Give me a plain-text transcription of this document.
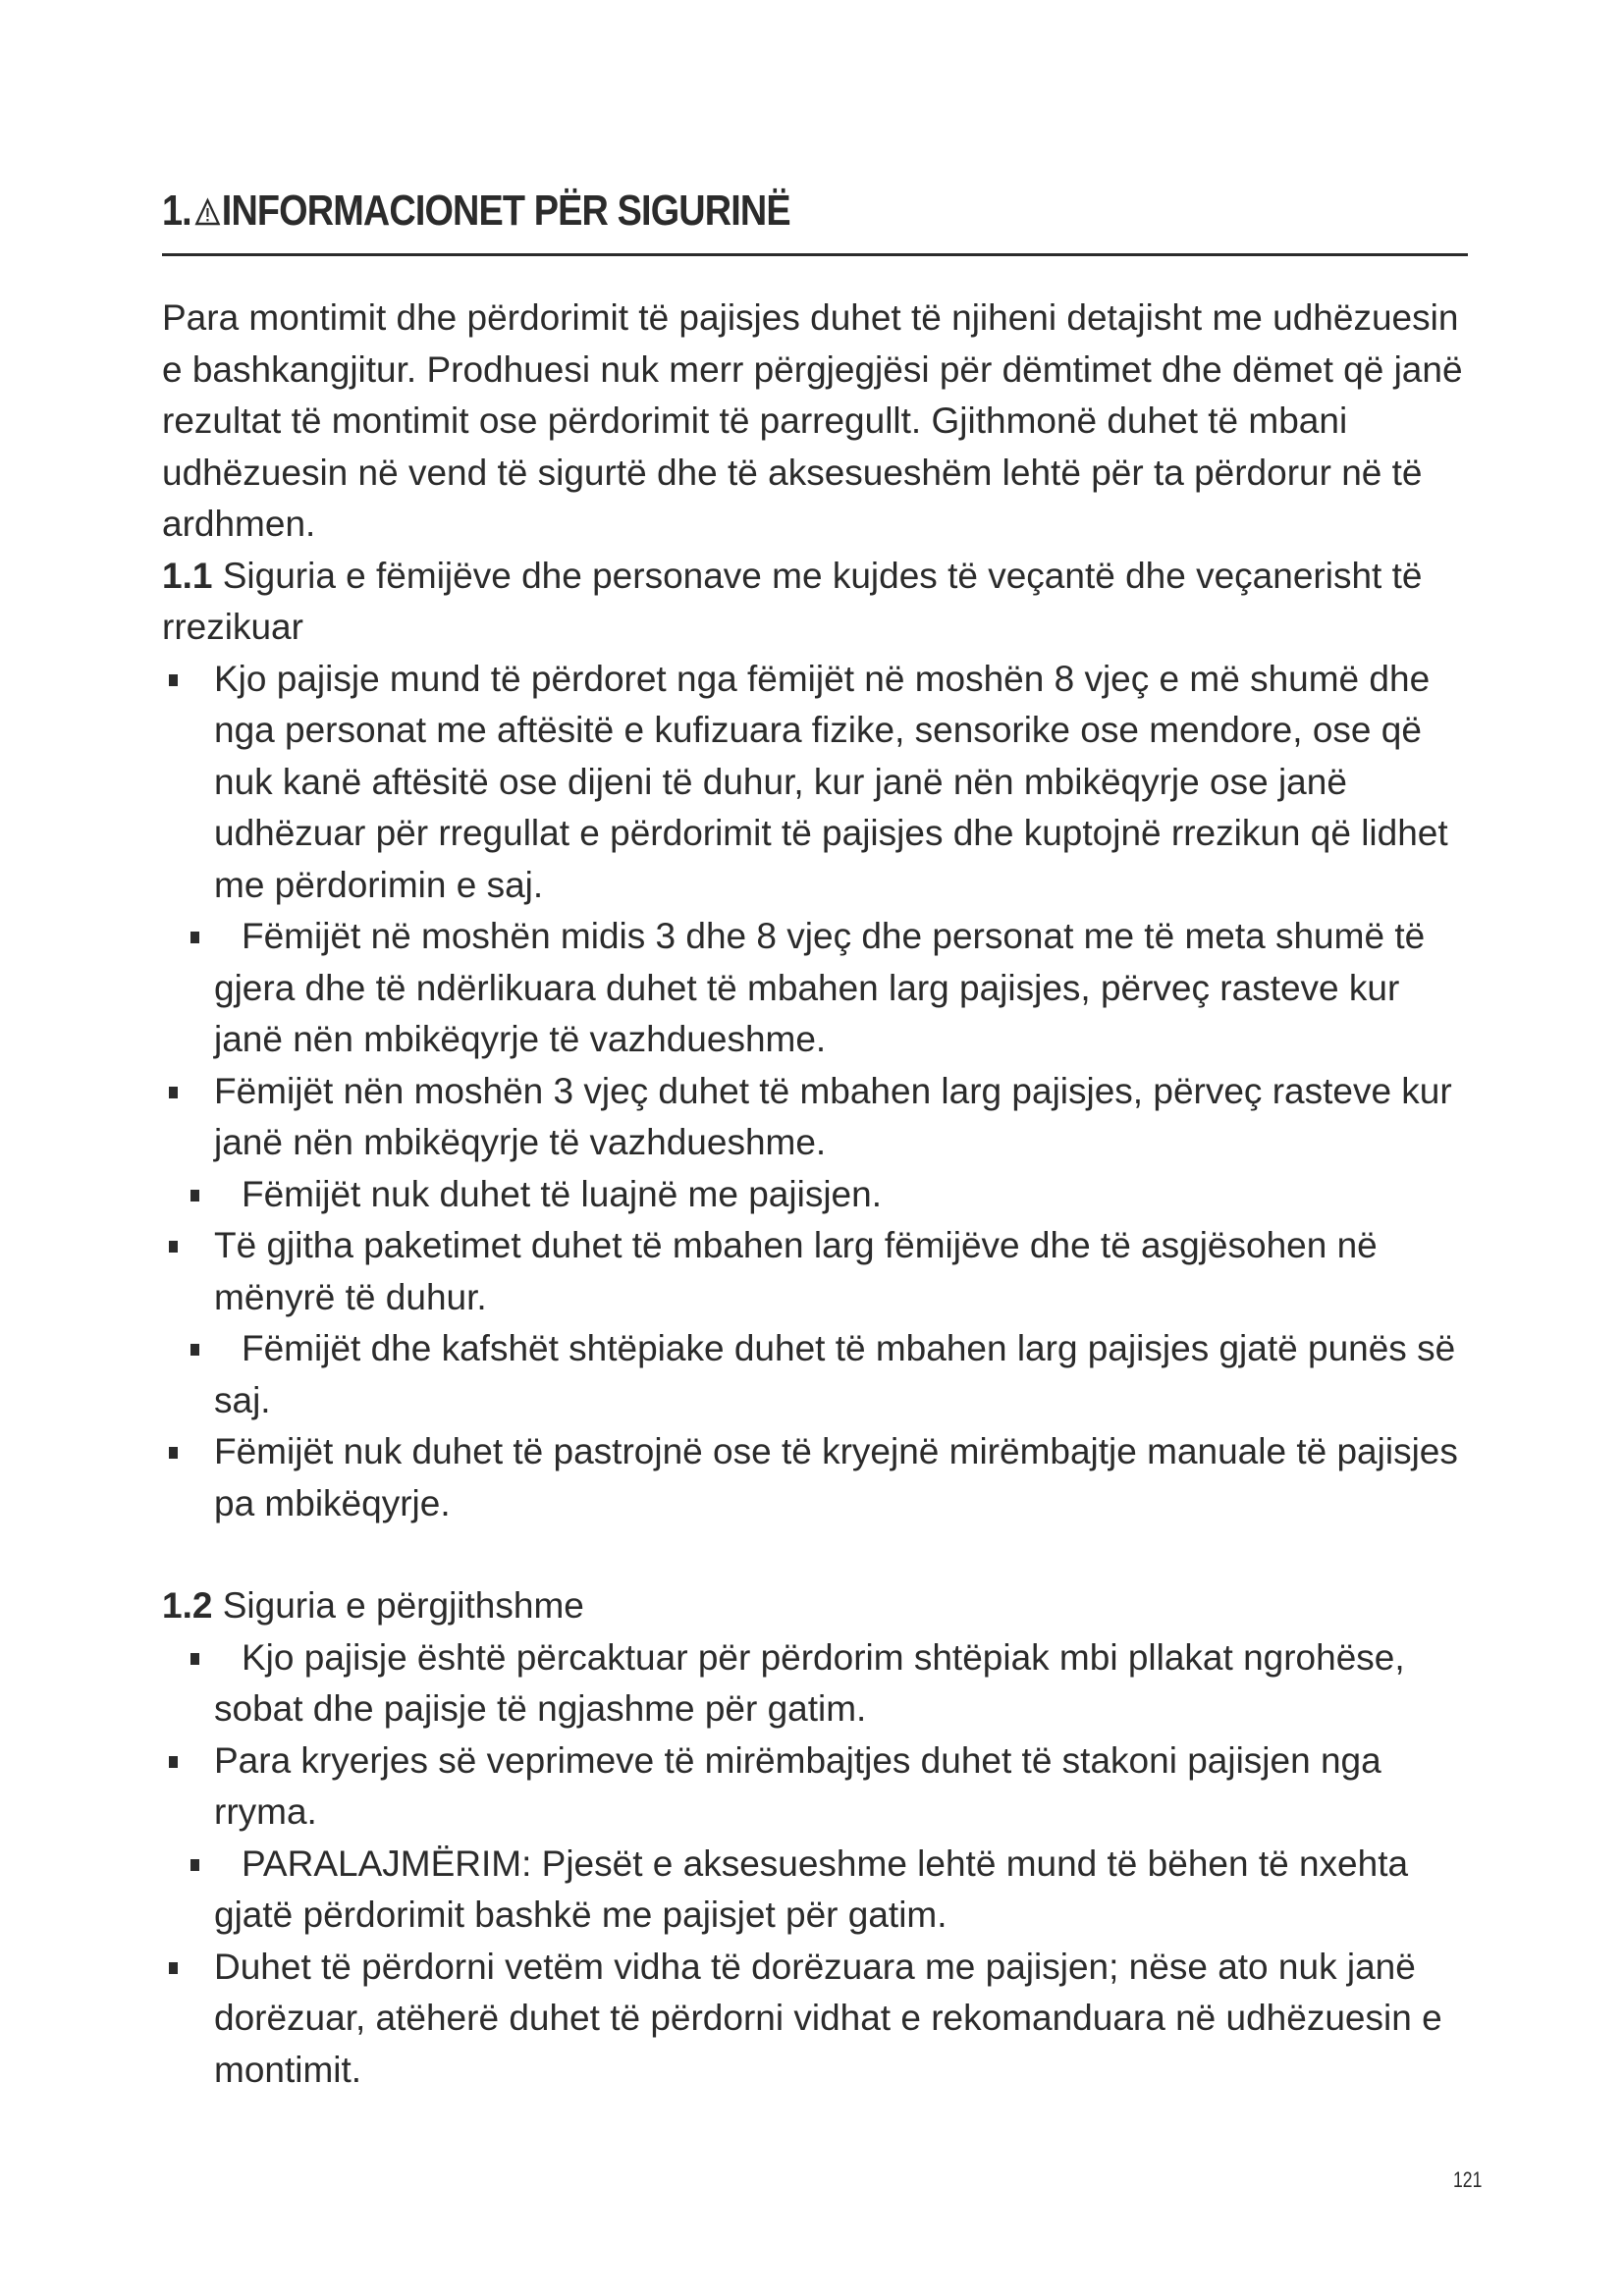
1. INFORMACIONET PËR SIGURINË

Para montimit dhe përdorimit të pajisjes duhet të njiheni detajisht me udhëzuesin e bashkangjitur. Prodhuesi nuk merr përgjegjësi për dëmtimet dhe dëmet që janë rezultat të montimit ose përdorimit të parregullt. Gjithmonë duhet të mbani udhëzuesin në vend të sigurtë dhe të aksesueshëm lehtë për ta përdorur në të ardhmen.

1.1 Siguria e fëmijëve dhe personave me kujdes të veçantë dhe veçanerisht të rrezikuar

Kjo pajisje mund të përdoret nga fëmijët në moshën 8 vjeç e më shumë dhe nga personat me aftësitë e kufizuara fizike, sensorike ose mendore, ose që nuk kanë aftësitë ose dijeni të duhur, kur janë nën mbikëqyrje ose janë udhëzuar për rregullat e përdorimit të pajisjes dhe kuptojnë rrezikun që lidhet me përdorimin e saj.
Fëmijët në moshën midis 3 dhe 8 vjeç dhe personat me të meta shumë të gjera dhe të ndërlikuara duhet të mbahen larg pajisjes, përveç rasteve kur janë nën mbikëqyrje të vazhdueshme.
Fëmijët nën moshën 3 vjeç duhet të mbahen larg pajisjes, përveç rasteve kur janë nën mbikëqyrje të vazhdueshme.
Fëmijët nuk duhet të luajnë me pajisjen.
Të gjitha paketimet duhet të mbahen larg fëmijëve dhe të asgjësohen në mënyrë të duhur.
Fëmijët dhe kafshët shtëpiake duhet të mbahen larg pajisjes gjatë punës së saj.
Fëmijët nuk duhet të pastrojnë ose të kryejnë mirëmbajtje manuale të pajisjes pa mbikëqyrje.

1.2 Siguria e përgjithshme

Kjo pajisje është përcaktuar për përdorim shtëpiak mbi pllakat ngrohëse, sobat dhe pajisje të ngjashme për gatim.
Para kryerjes së veprimeve të mirëmbajtjes duhet të stakoni pajisjen nga rryma.
PARALAJMËRIM: Pjesët e aksesueshme lehtë mund të bëhen të nxehta gjatë përdorimit bashkë me pajisjet për gatim.
Duhet të përdorni vetëm vidha të dorëzuara me pajisjen; nëse ato nuk janë dorëzuar, atëherë duhet të përdorni vidhat e rekomanduara në udhëzuesin e montimit.
121
